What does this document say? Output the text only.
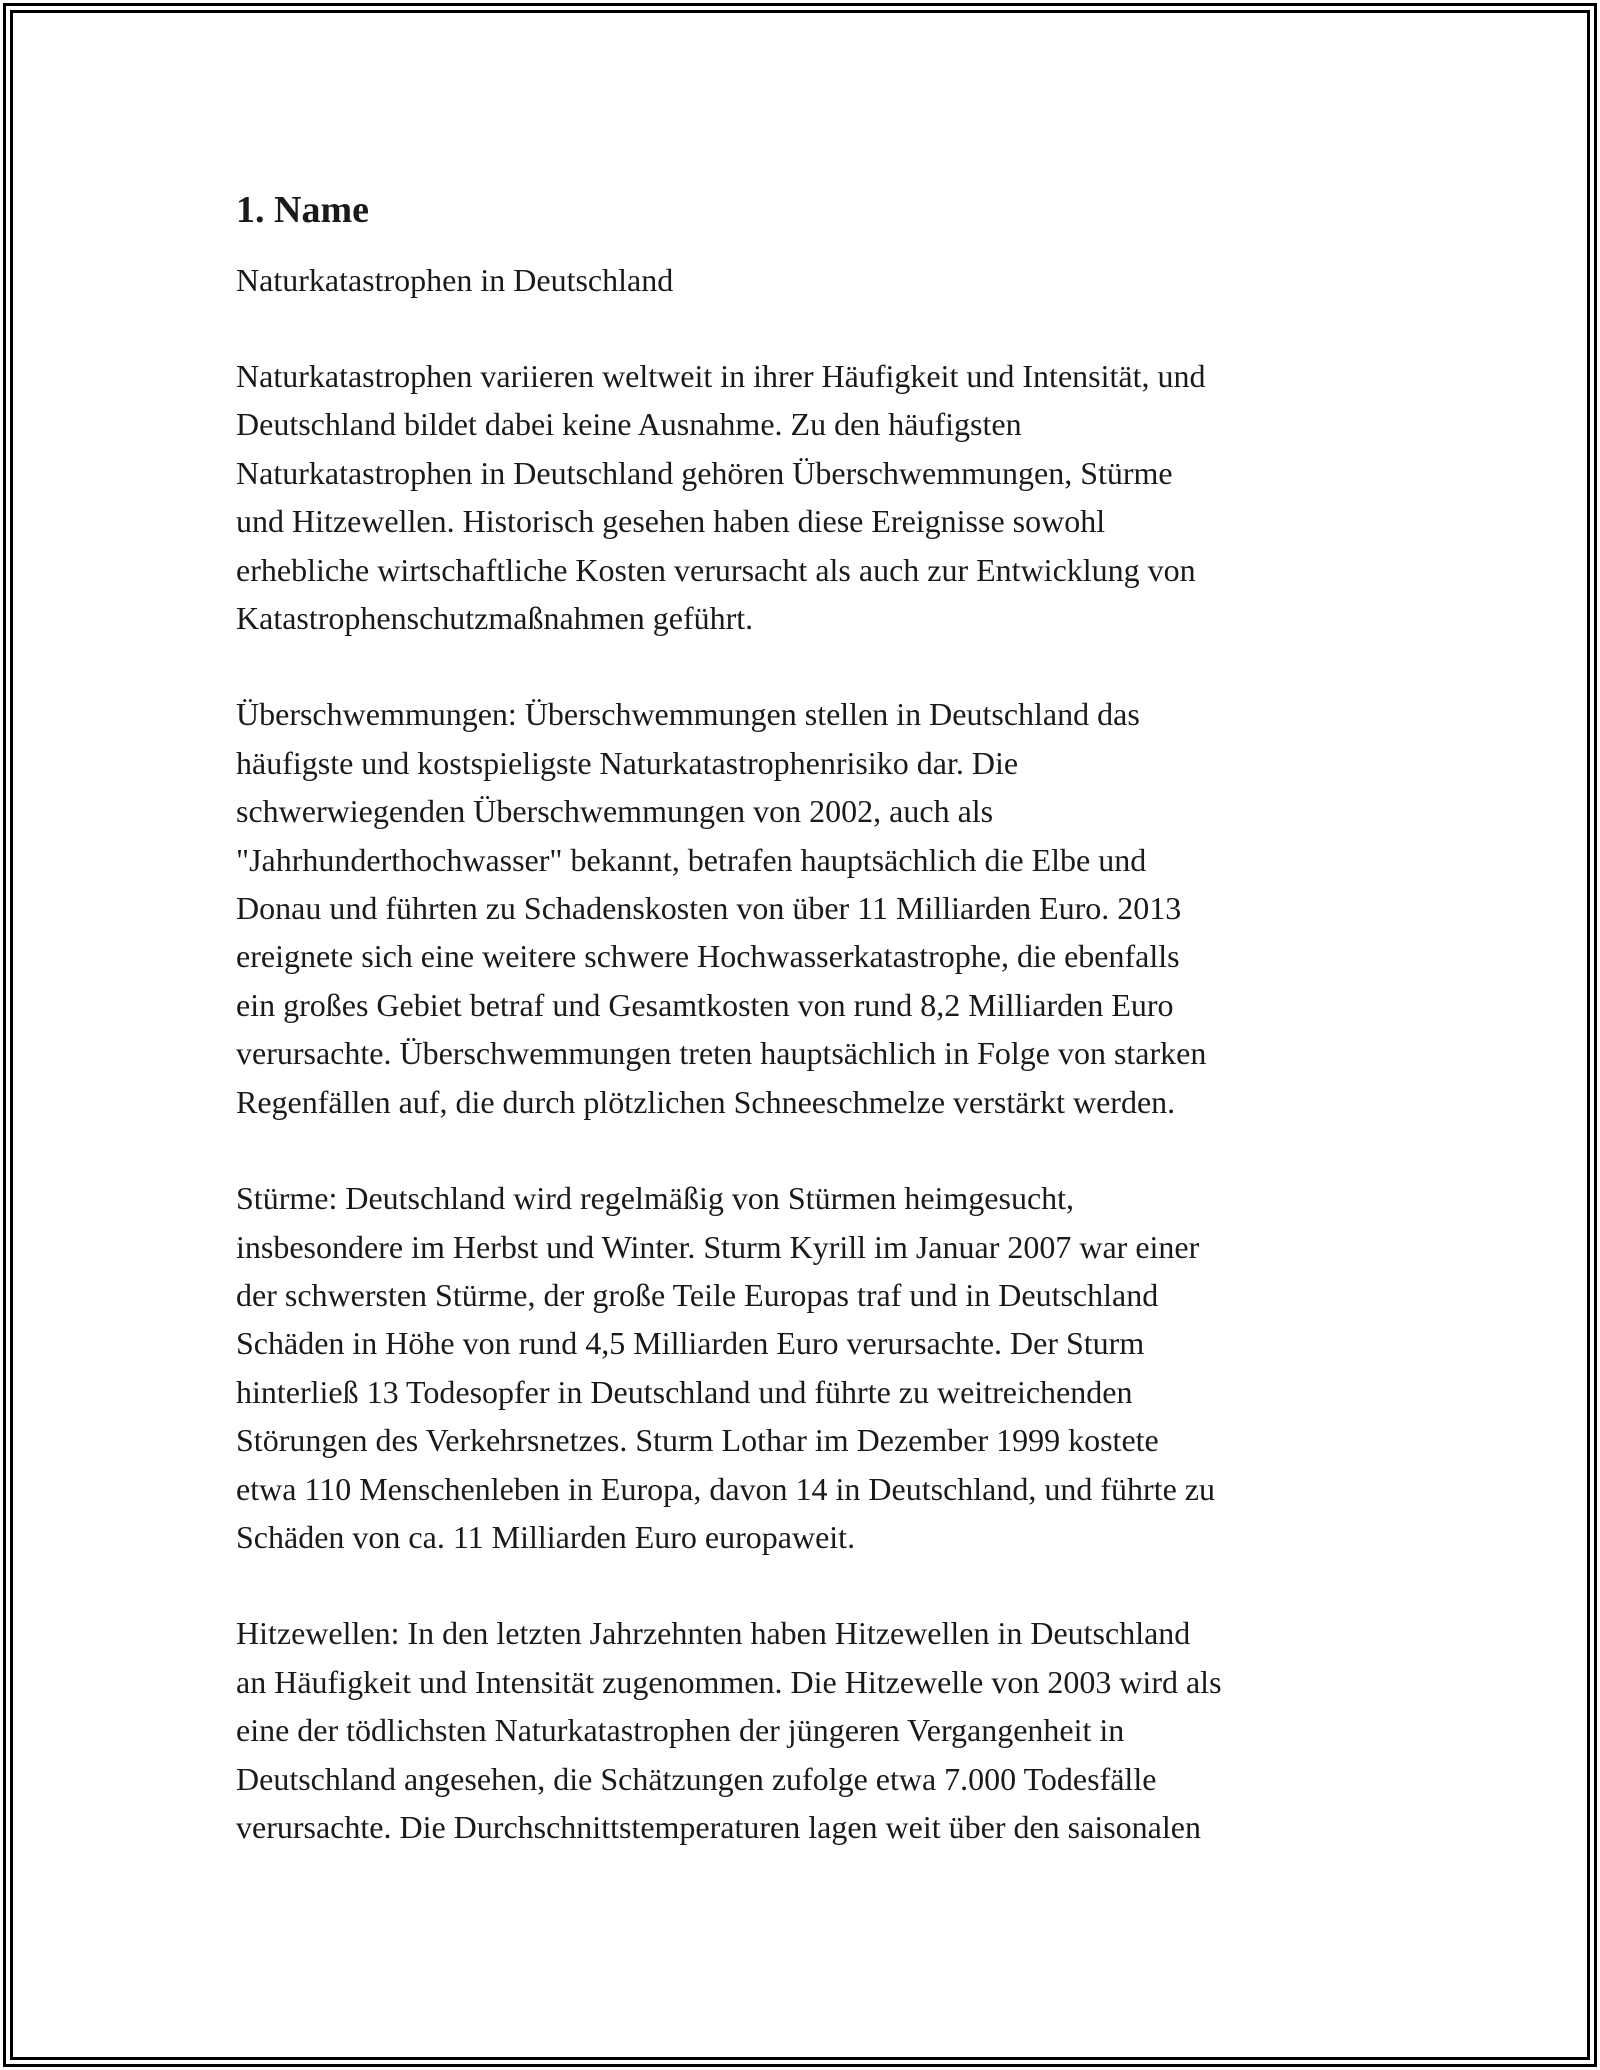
1. Name
Naturkatastrophen in Deutschland
Naturkatastrophen variieren weltweit in ihrer Häufigkeit und Intensität, und
Deutschland bildet dabei keine Ausnahme. Zu den häufigsten
Naturkatastrophen in Deutschland gehören Überschwemmungen, Stürme
und Hitzewellen. Historisch gesehen haben diese Ereignisse sowohl
erhebliche wirtschaftliche Kosten verursacht als auch zur Entwicklung von
Katastrophenschutzmaßnahmen geführt.
Überschwemmungen: Überschwemmungen stellen in Deutschland das
häufigste und kostspieligste Naturkatastrophenrisiko dar. Die
schwerwiegenden Überschwemmungen von 2002, auch als
"Jahrhunderthochwasser" bekannt, betrafen hauptsächlich die Elbe und
Donau und führten zu Schadenskosten von über 11 Milliarden Euro. 2013
ereignete sich eine weitere schwere Hochwasserkatastrophe, die ebenfalls
ein großes Gebiet betraf und Gesamtkosten von rund 8,2 Milliarden Euro
verursachte. Überschwemmungen treten hauptsächlich in Folge von starken
Regenfällen auf, die durch plötzlichen Schneeschmelze verstärkt werden.
Stürme: Deutschland wird regelmäßig von Stürmen heimgesucht,
insbesondere im Herbst und Winter. Sturm Kyrill im Januar 2007 war einer
der schwersten Stürme, der große Teile Europas traf und in Deutschland
Schäden in Höhe von rund 4,5 Milliarden Euro verursachte. Der Sturm
hinterließ 13 Todesopfer in Deutschland und führte zu weitreichenden
Störungen des Verkehrsnetzes. Sturm Lothar im Dezember 1999 kostete
etwa 110 Menschenleben in Europa, davon 14 in Deutschland, und führte zu
Schäden von ca. 11 Milliarden Euro europaweit.
Hitzewellen: In den letzten Jahrzehnten haben Hitzewellen in Deutschland
an Häufigkeit und Intensität zugenommen. Die Hitzewelle von 2003 wird als
eine der tödlichsten Naturkatastrophen der jüngeren Vergangenheit in
Deutschland angesehen, die Schätzungen zufolge etwa 7.000 Todesfälle
verursachte. Die Durchschnittstemperaturen lagen weit über den saisonalen
